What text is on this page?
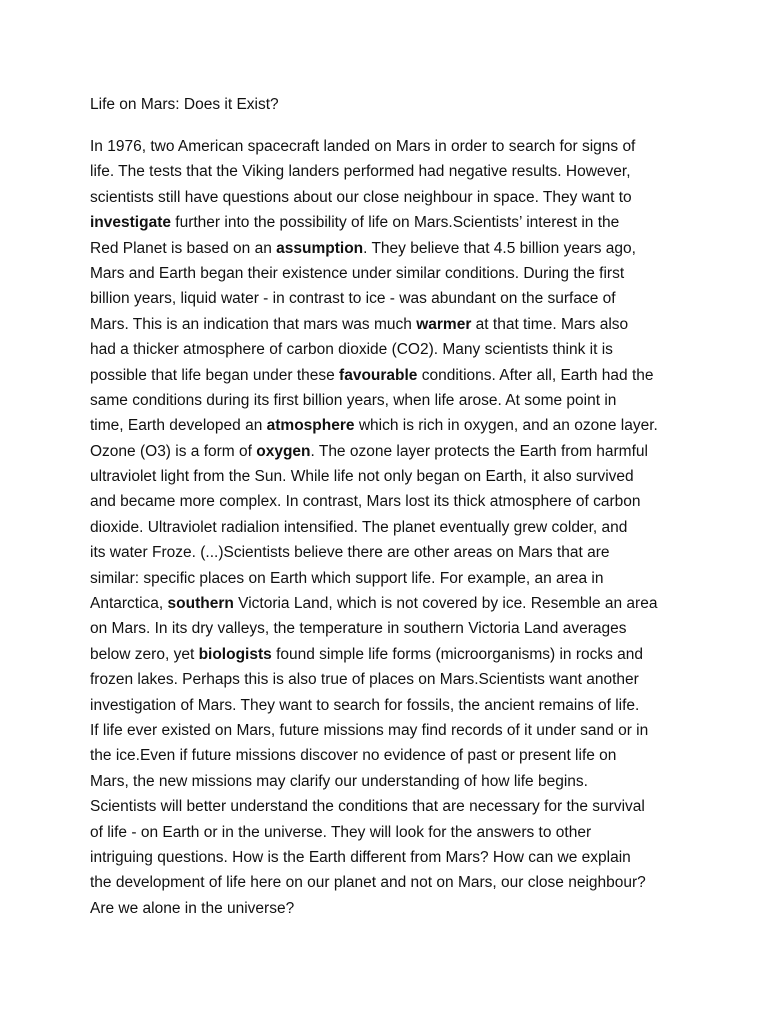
Life on Mars: Does it Exist?
In 1976, two American spacecraft landed on Mars in order to search for signs of
life. The tests that the Viking landers performed had negative results. However,
scientists still have questions about our close neighbour in space. They want to
investigate further into the possibility of life on Mars.Scientists’ interest in the
Red Planet is based on an assumption. They believe that 4.5 billion years ago,
Mars and Earth began their existence under similar conditions. During the first
billion years, liquid water - in contrast to ice - was abundant on the surface of
Mars. This is an indication that mars was much warmer at that time. Mars also
had a thicker atmosphere of carbon dioxide (CO2). Many scientists think it is
possible that life began under these favourable conditions. After all, Earth had the
same conditions during its first billion years, when life arose. At some point in
time, Earth developed an atmosphere which is rich in oxygen, and an ozone layer.
Ozone (O3) is a form of oxygen. The ozone layer protects the Earth from harmful
ultraviolet light from the Sun. While life not only began on Earth, it also survived
and became more complex. In contrast, Mars lost its thick atmosphere of carbon
dioxide. Ultraviolet radialion intensified. The planet eventually grew colder, and
its water Froze. (...)Scientists believe there are other areas on Mars that are
similar: specific places on Earth which support life. For example, an area in
Antarctica, southern Victoria Land, which is not covered by ice. Resemble an area
on Mars. In its dry valleys, the temperature in southern Victoria Land averages
below zero, yet biologists found simple life forms (microorganisms) in rocks and
frozen lakes. Perhaps this is also true of places on Mars.Scientists want another
investigation of Mars. They want to search for fossils, the ancient remains of life.
If life ever existed on Mars, future missions may find records of it under sand or in
the ice.Even if future missions discover no evidence of past or present life on
Mars, the new missions may clarify our understanding of how life begins.
Scientists will better understand the conditions that are necessary for the survival
of life - on Earth or in the universe. They will look for the answers to other
intriguing questions. How is the Earth different from Mars? How can we explain
the development of life here on our planet and not on Mars, our close neighbour?
Are we alone in the universe?
